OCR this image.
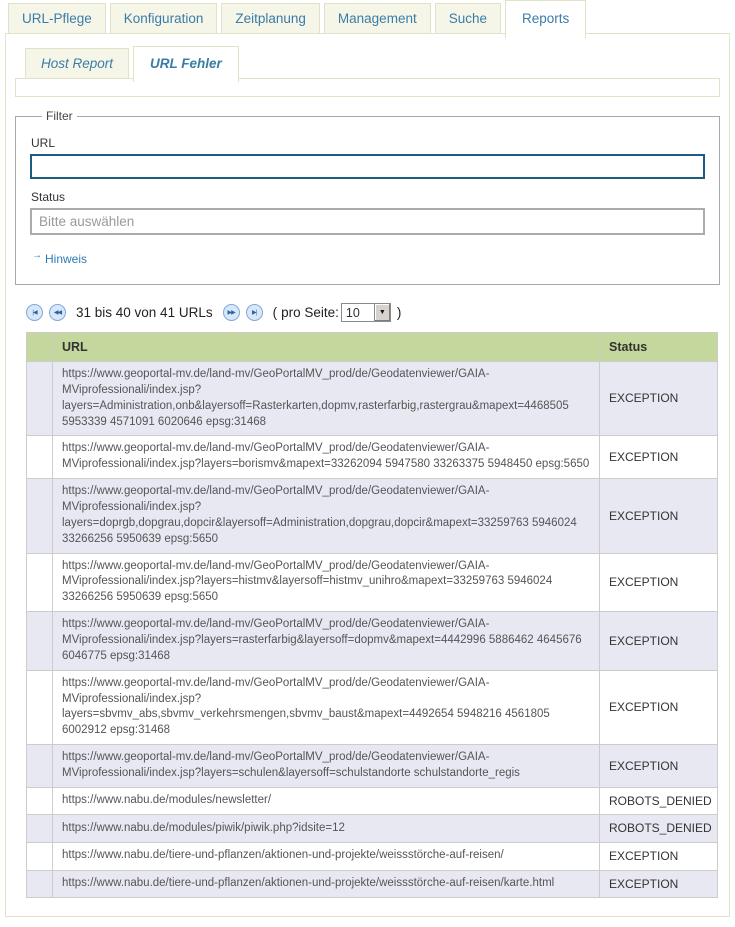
URL-Pflege	Konfiguration	Zeitplanung	Management	Suche	Reports
Host Report	URL Fehler
Filter
URL
Status
Bitte auswählen
→ Hinweis
|◀	◀◀	31 bis 40 von 41 URLs	▶▶	▶|	( pro Seite: 10	▼ )
	URL	Status
	https://www.geoportal-mv.de/land-mv/GeoPortalMV_prod/de/Geodatenviewer/GAIA-MViprofessionali/index.jsp?layers=Administration,onb&layersoff=Rasterkarten,dopmv,rasterfarbig,rastergrau&mapext=4468505 5953339 4571091 6020646 epsg:31468	EXCEPTION
	https://www.geoportal-mv.de/land-mv/GeoPortalMV_prod/de/Geodatenviewer/GAIA-MViprofessionali/index.jsp?layers=borismv&mapext=33262094 5947580 33263375 5948450 epsg:5650	EXCEPTION
	https://www.geoportal-mv.de/land-mv/GeoPortalMV_prod/de/Geodatenviewer/GAIA-MViprofessionali/index.jsp?layers=doprgb,dopgrau,dopcir&layersoff=Administration,dopgrau,dopcir&mapext=33259763 5946024 33266256 5950639 epsg:5650	EXCEPTION
	https://www.geoportal-mv.de/land-mv/GeoPortalMV_prod/de/Geodatenviewer/GAIA-MViprofessionali/index.jsp?layers=histmv&layersoff=histmv_unihro&mapext=33259763 5946024 33266256 5950639 epsg:5650	EXCEPTION
	https://www.geoportal-mv.de/land-mv/GeoPortalMV_prod/de/Geodatenviewer/GAIA-MViprofessionali/index.jsp?layers=rasterfarbig&layersoff=dopmv&mapext=4442996 5886462 4645676 6046775 epsg:31468	EXCEPTION
	https://www.geoportal-mv.de/land-mv/GeoPortalMV_prod/de/Geodatenviewer/GAIA-MViprofessionali/index.jsp?layers=sbvmv_abs,sbvmv_verkehrsmengen,sbvmv_baust&mapext=4492654 5948216 4561805 6002912 epsg:31468	EXCEPTION
	https://www.geoportal-mv.de/land-mv/GeoPortalMV_prod/de/Geodatenviewer/GAIA-MViprofessionali/index.jsp?layers=schulen&layersoff=schulstandorte schulstandorte_regis	EXCEPTION
	https://www.nabu.de/modules/newsletter/	ROBOTS_DENIED
	https://www.nabu.de/modules/piwik/piwik.php?idsite=12	ROBOTS_DENIED
	https://www.nabu.de/tiere-und-pflanzen/aktionen-und-projekte/weissstörche-auf-reisen/	EXCEPTION
	https://www.nabu.de/tiere-und-pflanzen/aktionen-und-projekte/weissstörche-auf-reisen/karte.html	EXCEPTION
